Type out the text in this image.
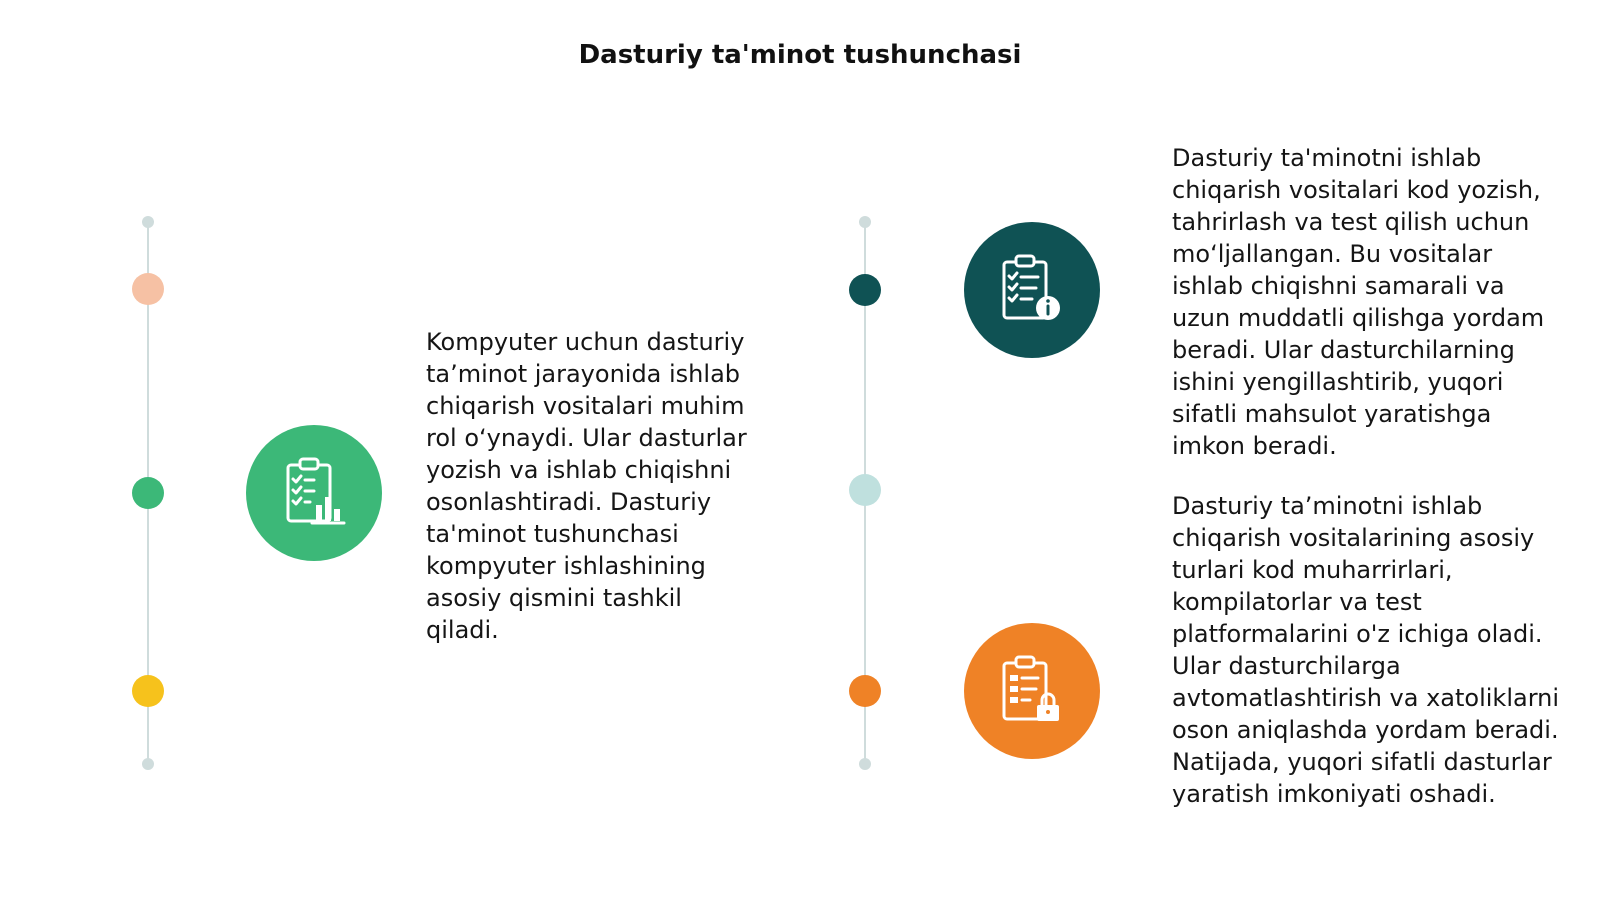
Dasturiy ta'minot tushunchasi
Kompyuter uchun dasturiy ta’minot jarayonida ishlab chiqarish vositalari muhim rol o‘ynaydi. Ular dasturlar yozish va ishlab chiqishni osonlashtiradi. Dasturiy ta'minot tushunchasi kompyuter ishlashining asosiy qismini tashkil qiladi.
Dasturiy ta'minotni ishlab chiqarish vositalari kod yozish, tahrirlash va test qilish uchun mo‘ljallangan. Bu vositalar ishlab chiqishni samarali va uzun muddatli qilishga yordam beradi. Ular dasturchilarning ishini yengillashtirib, yuqori sifatli mahsulot yaratishga imkon beradi.
Dasturiy ta’minotni ishlab chiqarish vositalarining asosiy turlari kod muharrirlari, kompilatorlar va test platformalarini o'z ichiga oladi. Ular dasturchilarga avtomatlashtirish va xatoliklarni oson aniqlashda yordam beradi. Natijada, yuqori sifatli dasturlar yaratish imkoniyati oshadi.
